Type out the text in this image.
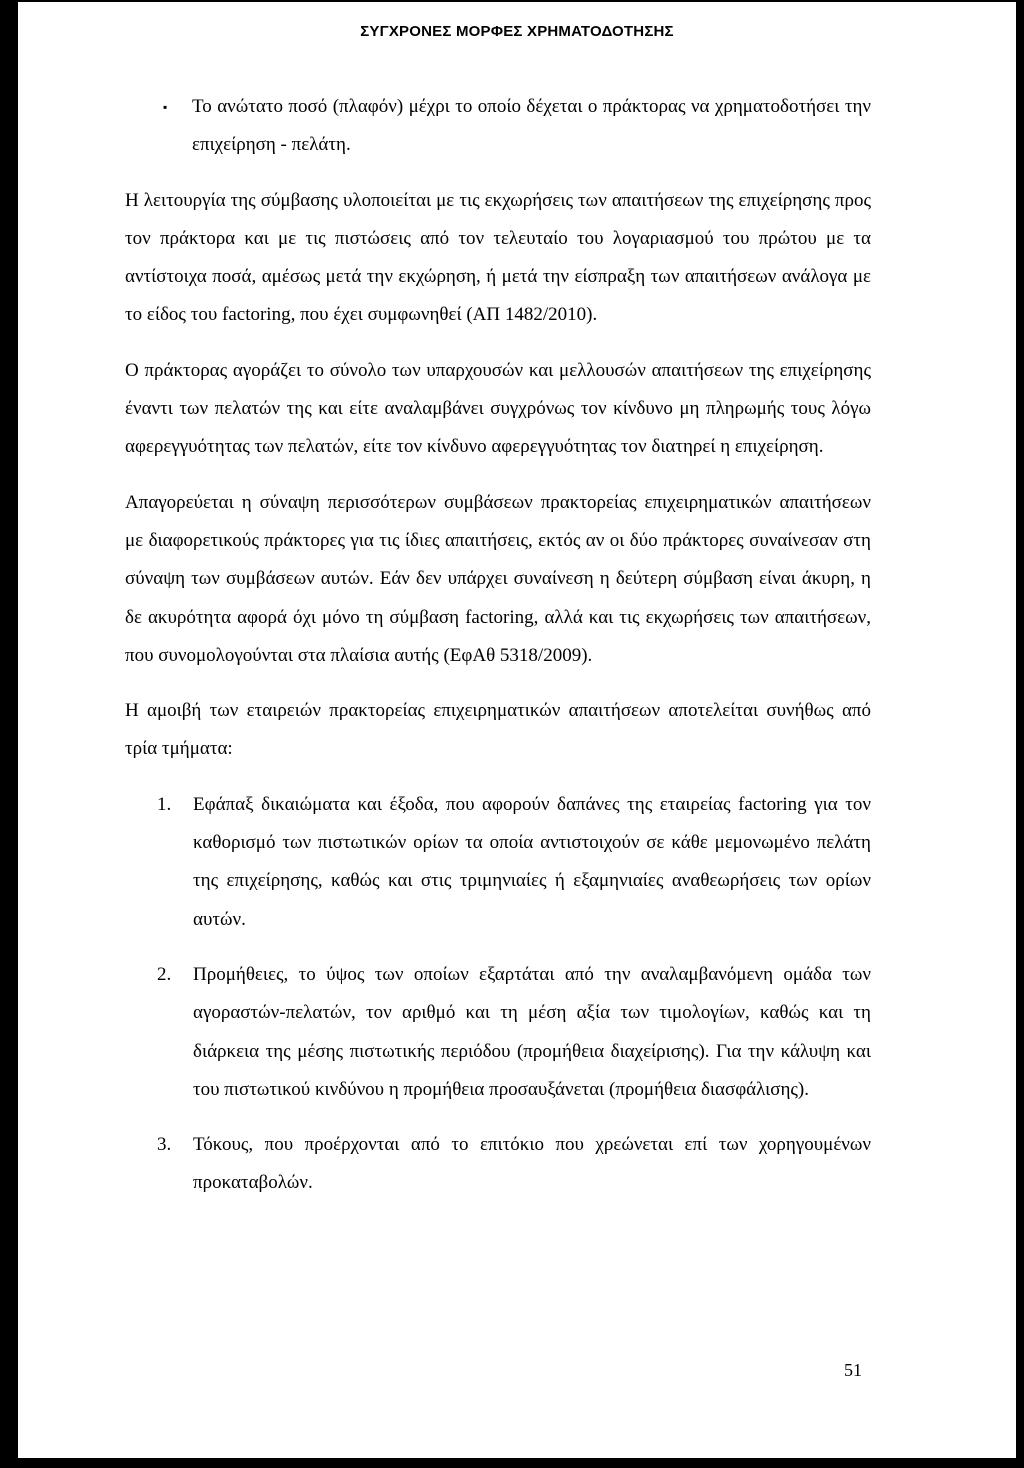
ΣΥΓΧΡΟΝΕΣ ΜΟΡΦΕΣ ΧΡΗΜΑΤΟΔΟΤΗΣΗΣ

▪ Το ανώτατο ποσό (πλαφόν) μέχρι το οποίο δέχεται ο πράκτορας να χρηματοδοτήσει την επιχείρηση - πελάτη.

Η λειτουργία της σύμβασης υλοποιείται με τις εκχωρήσεις των απαιτήσεων της επιχείρησης προς τον πράκτορα και με τις πιστώσεις από τον τελευταίο του λογαριασμού του πρώτου με τα αντίστοιχα ποσά, αμέσως μετά την εκχώρηση, ή μετά την είσπραξη των απαιτήσεων ανάλογα με το είδος του factoring, που έχει συμφωνηθεί (ΑΠ 1482/2010).

Ο πράκτορας αγοράζει το σύνολο των υπαρχουσών και μελλουσών απαιτήσεων της επιχείρησης έναντι των πελατών της και είτε αναλαμβάνει συγχρόνως τον κίνδυνο μη πληρωμής τους λόγω αφερεγγυότητας των πελατών, είτε τον κίνδυνο αφερεγγυότητας τον διατηρεί η επιχείρηση.

Απαγορεύεται η σύναψη περισσότερων συμβάσεων πρακτορείας επιχειρηματικών απαιτήσεων με διαφορετικούς πράκτορες για τις ίδιες απαιτήσεις, εκτός αν οι δύο πράκτορες συναίνεσαν στη σύναψη των συμβάσεων αυτών. Εάν δεν υπάρχει συναίνεση η δεύτερη σύμβαση είναι άκυρη, η δε ακυρότητα αφορά όχι μόνο τη σύμβαση factoring, αλλά και τις εκχωρήσεις των απαιτήσεων, που συνομολογούνται στα πλαίσια αυτής (ΕφΑθ 5318/2009).

Η αμοιβή των εταιρειών πρακτορείας επιχειρηματικών απαιτήσεων αποτελείται συνήθως από τρία τμήματα:

1. Εφάπαξ δικαιώματα και έξοδα, που αφορούν δαπάνες της εταιρείας factoring για τον καθορισμό των πιστωτικών ορίων τα οποία αντιστοιχούν σε κάθε μεμονωμένο πελάτη της επιχείρησης, καθώς και στις τριμηνιαίες ή εξαμηνιαίες αναθεωρήσεις των ορίων αυτών.

2. Προμήθειες, το ύψος των οποίων εξαρτάται από την αναλαμβανόμενη ομάδα των αγοραστών-πελατών, τον αριθμό και τη μέση αξία των τιμολογίων, καθώς και τη διάρκεια της μέσης πιστωτικής περιόδου (προμήθεια διαχείρισης). Για την κάλυψη και του πιστωτικού κινδύνου η προμήθεια προσαυξάνεται (προμήθεια διασφάλισης).

3. Τόκους, που προέρχονται από το επιτόκιο που χρεώνεται επί των χορηγουμένων προκαταβολών.

51
